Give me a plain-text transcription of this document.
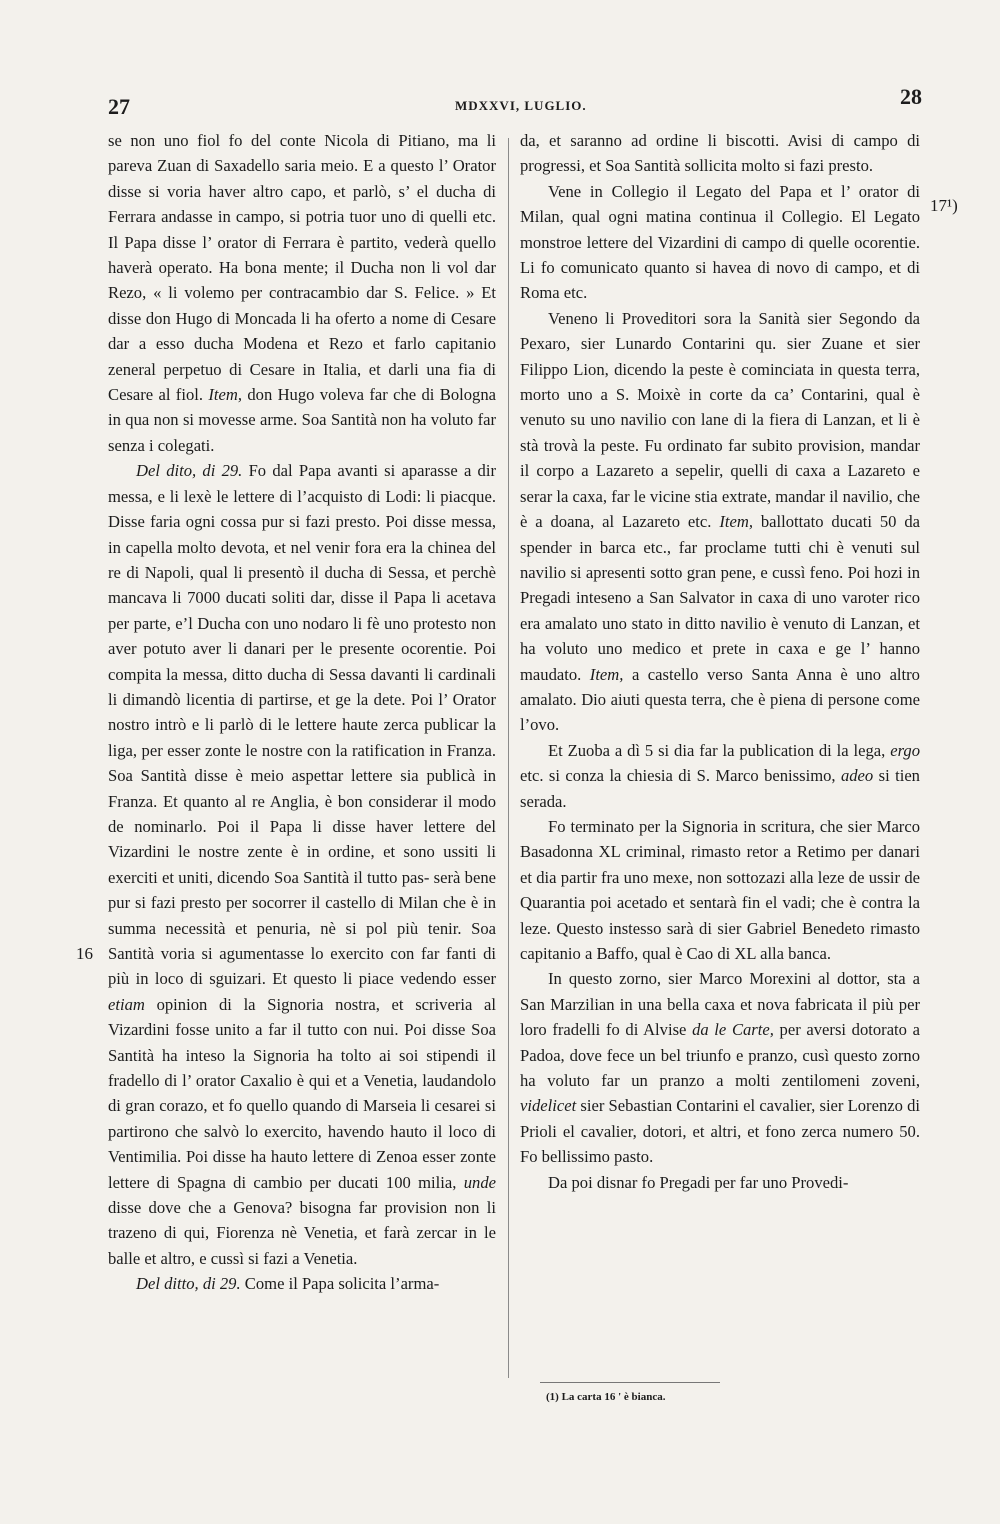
27	MDXXVI, LUGLIO.	28

se non uno fiol fo del conte Nicola di Pitiano, ma li pareva Zuan di Saxadello saria meio. E a questo l’ Orator disse si voria haver altro capo, et parlò, s’ el ducha di Ferrara andasse in campo, si potria tuor uno di quelli etc. Il Papa disse l’ orator di Ferrara è partito, vederà quello haverà operato. Ha bona mente; il Ducha non li vol dar Rezo, « li volemo per contracambio dar S. Felice. » Et disse don Hugo di Moncada li ha oferto a nome di Cesare dar a esso ducha Modena et Rezo et farlo capitanio zeneral perpetuo di Cesare in Italia, et darli una fia di Cesare al fiol. Item, don Hugo voleva far che di Bologna in qua non si movesse arme. Soa Santità non ha voluto far senza i colegati.

Del dito, di 29. Fo dal Papa avanti si aparasse a dir messa, e li lexè le lettere di l’acquisto di Lodi: li piacque. Disse faria ogni cossa pur si fazi presto. Poi disse messa, in capella molto devota, et nel venir fora era la chinea del re di Napoli, qual li presentò il ducha di Sessa, et perchè mancava li 7000 ducati soliti dar, disse il Papa li acetava per parte, e’l Ducha con uno nodaro li fè uno protesto non aver potuto aver li danari per le presente ocorentie. Poi compita la messa, ditto ducha di Sessa davanti li cardinali li dimandò licentia di partirse, et ge la dete. Poi l’ Orator nostro intrò e li parlò di le lettere haute zerca publicar la liga, per esser zonte le nostre con la ratification in Franza. Soa Santità disse è meio aspettar lettere sia publicà in Franza. Et quanto al re Anglia, è bon considerar il modo de nominarlo. Poi il Papa li disse haver lettere del Vizardini le nostre zente è in ordine, et sono ussiti li exerciti et uniti, dicendo Soa Santità il tutto pas- serà bene pur si fazi presto per socorrer il castello di Milan che è in summa necessità et penuria, nè si pol più tenir. Soa Santità voria si agumentasse lo exercito con far fanti di più in loco di sguizari. Et questo li piace vedendo esser etiam opinion di la Signoria nostra, et scriveria al Vizardini fosse unito a far il tutto con nui. Poi disse Soa Santità ha inteso la Signoria ha tolto ai soi stipendi il fradello di l’ orator Caxalio è qui et a Venetia, laudandolo di gran corazo, et fo quello quando di Marseia li cesarei si partirono che salvò lo exercito, havendo hauto il loco di Ventimilia. Poi disse ha hauto lettere di Zenoa esser zonte lettere di Spagna di cambio per ducati 100 milia, unde disse dove che a Genova? bisogna far provision non li trazeno di qui, Fiorenza nè Venetia, et farà zercar in le balle et altro, e cussì si fazi a Venetia.

Del ditto, di 29. Come il Papa solicita l’arma-

da, et saranno ad ordine li biscotti. Avisi di campo di progressi, et Soa Santità sollicita molto si fazi presto.

Vene in Collegio il Legato del Papa et l’ orator di Milan, qual ogni matina continua il Collegio. El Legato monstroe lettere del Vizardini di campo di quelle ocorentie. Li fo comunicato quanto si havea di novo di campo, et di Roma etc.

Veneno li Proveditori sora la Sanità sier Segondo da Pexaro, sier Lunardo Contarini qu. sier Zuane et sier Filippo Lion, dicendo la peste è cominciata in questa terra, morto uno a S. Moixè in corte da ca’ Contarini, qual è venuto su uno navilio con lane di la fiera di Lanzan, et li è stà trovà la peste. Fu ordinato far subito provision, mandar il corpo a Lazareto a sepelir, quelli di caxa a Lazareto e serar la caxa, far le vicine stia extrate, mandar il navilio, che è a doana, al Lazareto etc. Item, ballottato ducati 50 da spender in barca etc., far proclame tutti chi è venuti sul navilio si apresenti sotto gran pene, e cussì feno. Poi hozi in Pregadi inteseno a San Salvator in caxa di uno varoter rico era amalato uno stato in ditto navilio è venuto di Lanzan, et ha voluto uno medico et prete in caxa e ge l’ hanno maudato. Item, a castello verso Santa Anna è uno altro amalato. Dio aiuti questa terra, che è piena di persone come l’ovo.

Et Zuoba a dì 5 si dia far la publication di la lega, ergo etc. si conza la chiesia di S. Marco benissimo, adeo si tien serada.

Fo terminato per la Signoria in scritura, che sier Marco Basadonna XL criminal, rimasto retor a Retimo per danari et dia partir fra uno mexe, non sottozazi alla leze de ussir de Quarantia poi acetado et sentarà fin el vadi; che è contra la leze. Questo instesso sarà di sier Gabriel Benedeto rimasto capitanio a Baffo, qual è Cao di XL alla banca.

In questo zorno, sier Marco Morexini al dottor, sta a San Marzilian in una bella caxa et nova fabricata il più per loro fradelli fo di Alvise da le Carte, per aversi dotorato a Padoa, dove fece un bel triunfo e pranzo, cusì questo zorno ha voluto far un pranzo a molti zentilomeni zoveni, videlicet sier Sebastian Contarini el cavalier, sier Lorenzo di Prioli el cavalier, dotori, et altri, et fono zerca numero 50. Fo bellissimo pasto.

Da poi disnar fo Pregadi per far uno Provedi-

17¹)
16
(1) La carta 16 ' è bianca.
